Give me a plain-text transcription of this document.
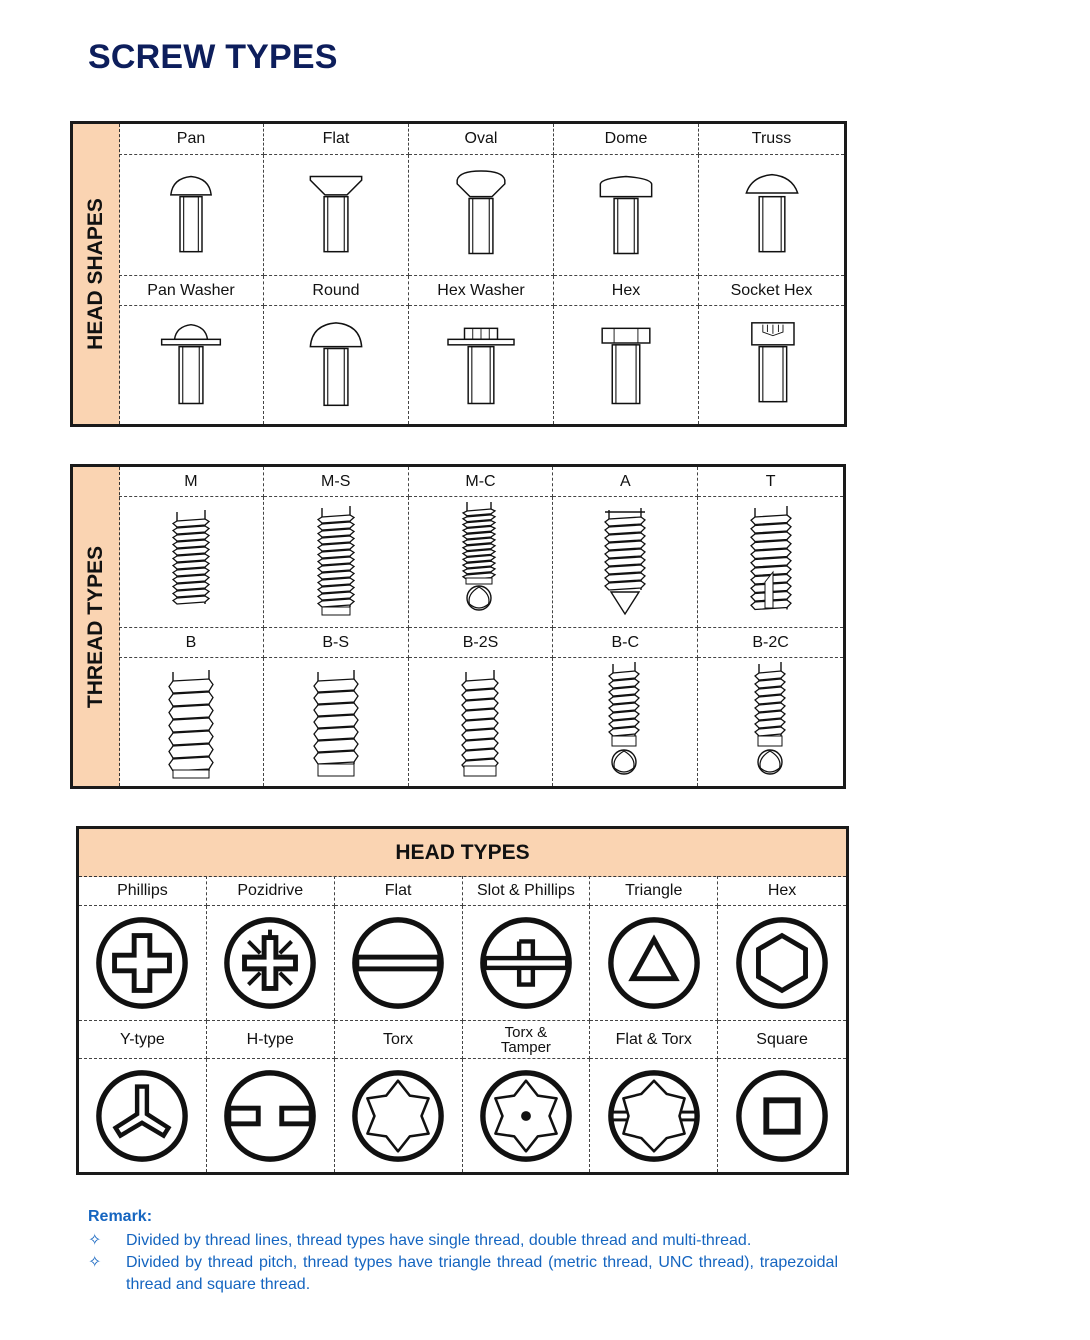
SCREW TYPES
HEAD SHAPES
Pan	Flat	Oval	Dome	Truss
Pan Washer	Round	Hex Washer	Hex	Socket Hex
THREAD TYPES
M	M-S	M-C	A	T
B	B-S	B-2S	B-C	B-2C
HEAD TYPES
Phillips	Pozidrive	Flat	Slot & Phillips	Triangle	Hex
Y-type	H-type	Torx	Torx & Tamper	Flat & Torx	Square
Remark:
✧ Divided by thread lines, thread types have single thread, double thread and multi-thread.
✧ Divided by thread pitch, thread types have triangle thread (metric thread, UNC thread), trapezoidal thread and square thread.
